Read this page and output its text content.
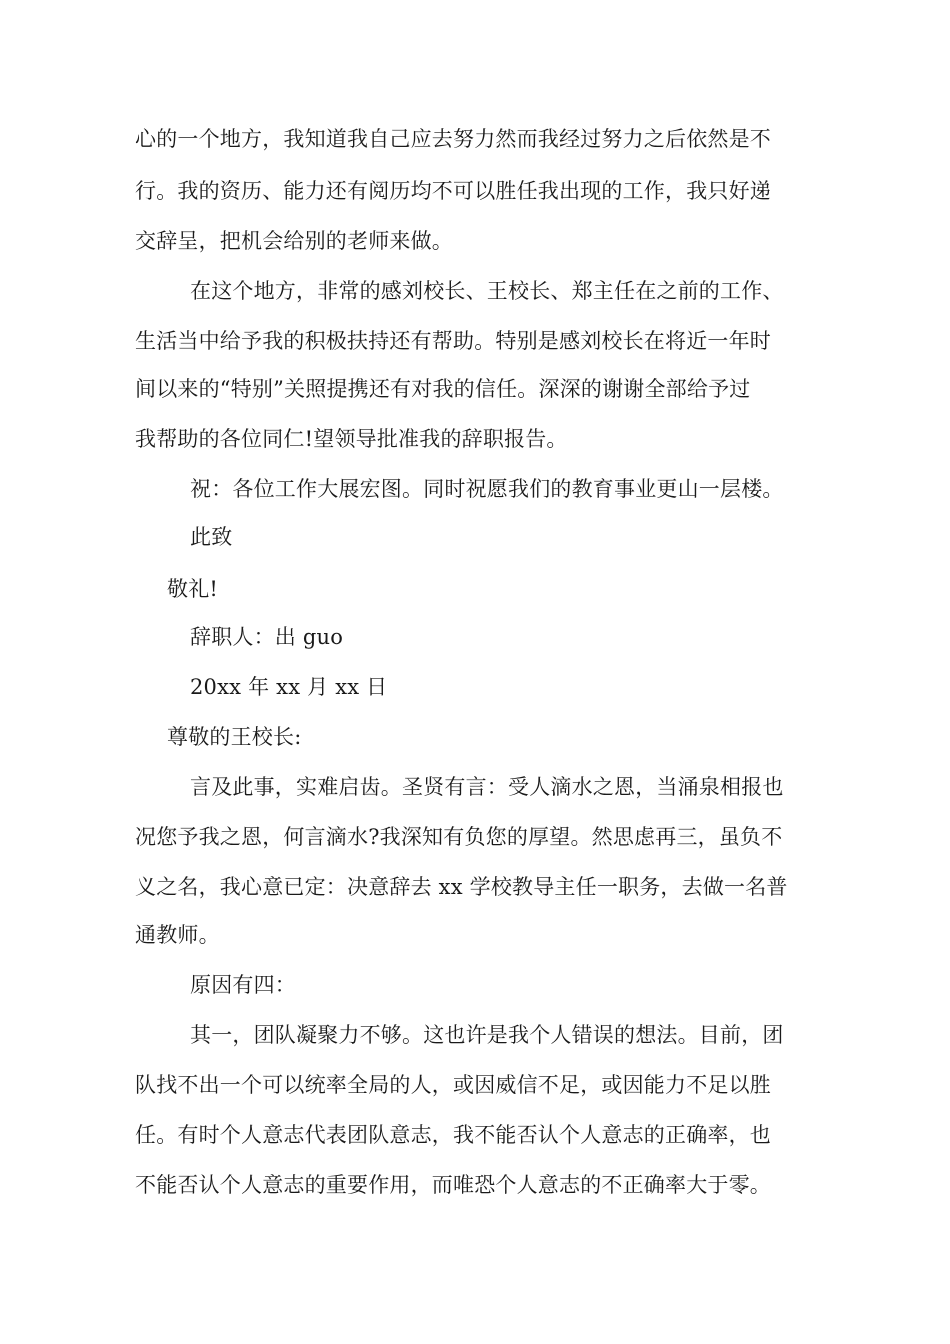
心的一个地方，我知道我自己应去努力然而我经过努力之后依然是不
行。我的资历、能力还有阅历均不可以胜任我出现的工作，我只好递
交辞呈，把机会给别的老师来做。
在这个地方，非常的感刘校长、王校长、郑主任在之前的工作、
生活当中给予我的积极扶持还有帮助。特别是感刘校长在将近一年时
间以来的“特别”关照提携还有对我的信任。深深的谢谢全部给予过
我帮助的各位同仁!望领导批准我的辞职报告。
祝：各位工作大展宏图。同时祝愿我们的教育事业更山一层楼。
此致
敬礼!
辞职人：出 guo
20xx 年 xx 月 xx 日
尊敬的王校长:
言及此事，实难启齿。圣贤有言：受人滴水之恩，当涌泉相报也
况您予我之恩，何言滴水?我深知有负您的厚望。然思虑再三，虽负不
义之名，我心意已定：决意辞去 xx 学校教导主任一职务，去做一名普
通教师。
原因有四：
其一，团队凝聚力不够。这也许是我个人错误的想法。目前，团
队找不出一个可以统率全局的人，或因威信不足，或因能力不足以胜
任。有时个人意志代表团队意志，我不能否认个人意志的正确率，也
不能否认个人意志的重要作用，而唯恐个人意志的不正确率大于零。
